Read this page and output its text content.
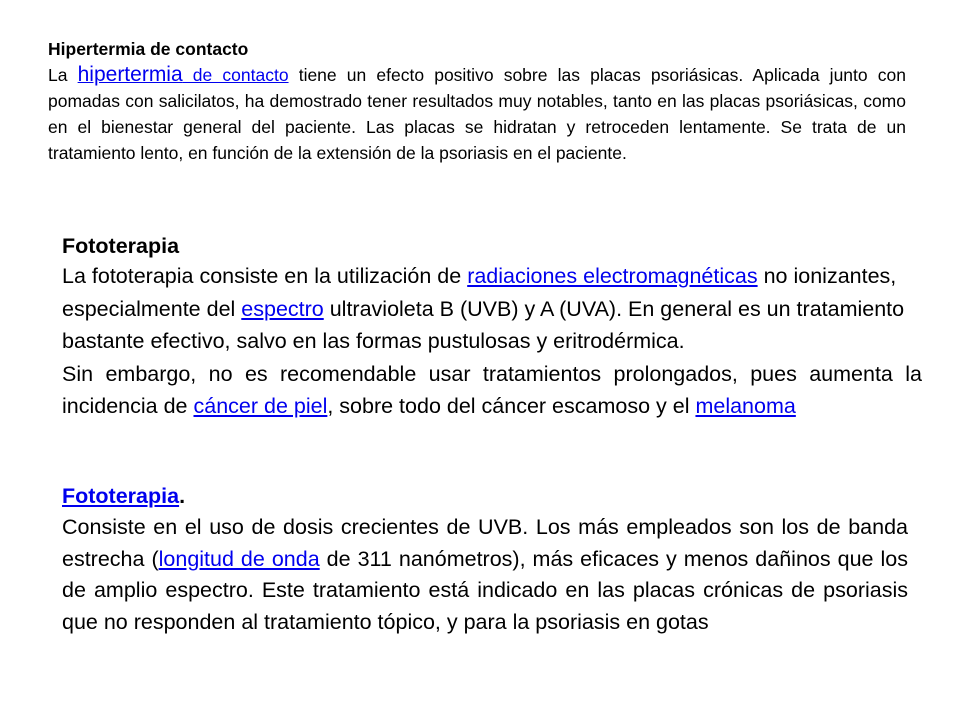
Hipertermia de contacto
La hipertermia de contacto tiene un efecto positivo sobre las placas psoriásicas. Aplicada junto con pomadas con salicilatos, ha demostrado tener resultados muy notables, tanto en las placas psoriásicas, como en el bienestar general del paciente. Las placas se hidratan y retroceden lentamente. Se trata de un tratamiento lento, en función de la extensión de la psoriasis en el paciente.
Fototerapia
La fototerapia consiste en la utilización de radiaciones electromagnéticas no ionizantes, especialmente del espectro ultravioleta B (UVB) y A (UVA). En general es un tratamiento bastante efectivo, salvo en las formas pustulosas y eritrodérmica.
Sin embargo, no es recomendable usar tratamientos prolongados, pues aumenta la incidencia de cáncer de piel, sobre todo del cáncer escamoso y el melanoma
Fototerapia.
Consiste en el uso de dosis crecientes de UVB. Los más empleados son los de banda estrecha (longitud de onda de 311 nanómetros), más eficaces y menos dañinos que los de amplio espectro. Este tratamiento está indicado en las placas crónicas de psoriasis que no responden al tratamiento tópico, y para la psoriasis en gotas
